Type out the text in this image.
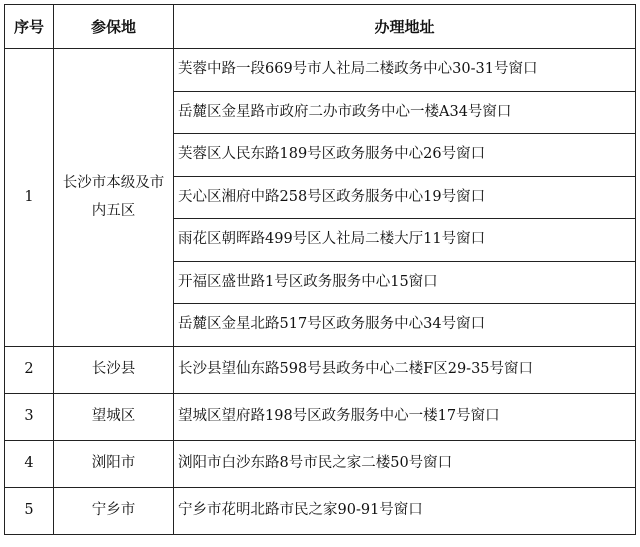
序号	参保地	办理地址
1	长沙市本级及市内五区	芙蓉中路一段669号市人社局二楼政务中心30-31号窗口
		岳麓区金星路市政府二办市政务中心一楼A34号窗口
		芙蓉区人民东路189号区政务服务中心26号窗口
		天心区湘府中路258号区政务服务中心19号窗口
		雨花区朝晖路499号区人社局二楼大厅11号窗口
		开福区盛世路1号区政务服务中心15窗口
		岳麓区金星北路517号区政务服务中心34号窗口
2	长沙县	长沙县望仙东路598号县政务中心二楼F区29-35号窗口
3	望城区	望城区望府路198号区政务服务中心一楼17号窗口
4	浏阳市	浏阳市白沙东路8号市民之家二楼50号窗口
5	宁乡市	宁乡市花明北路市民之家90-91号窗口
